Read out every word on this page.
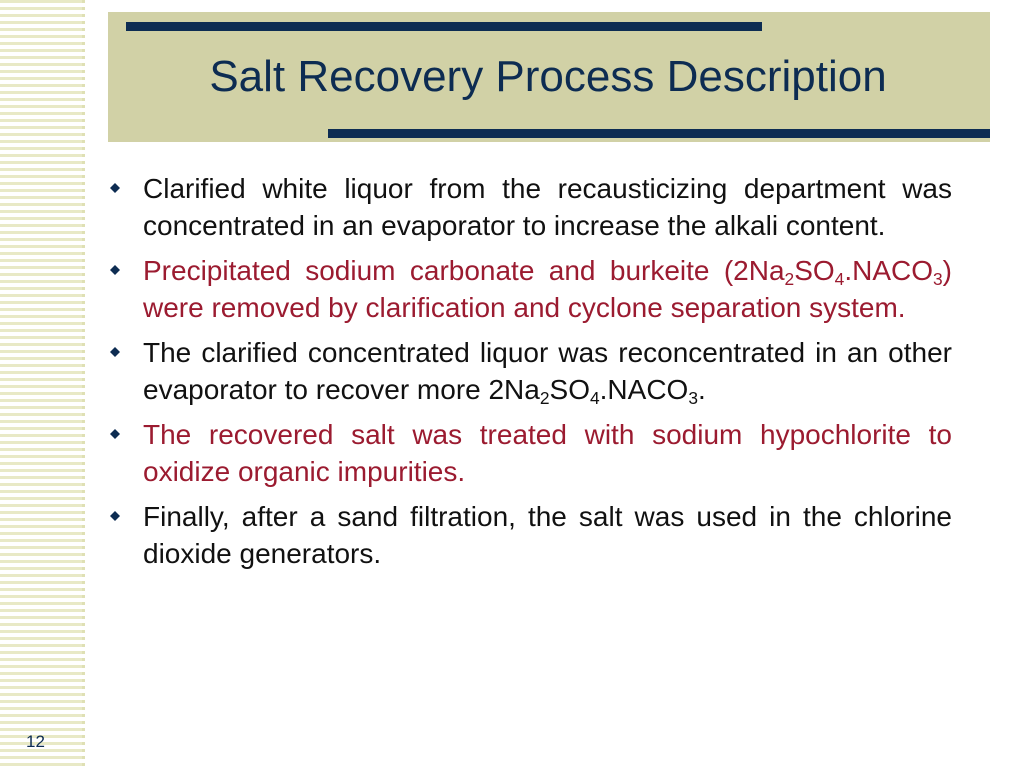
Salt Recovery Process Description
Clarified white liquor from the recausticizing department was concentrated in an evaporator to increase the alkali content.
Precipitated sodium carbonate and burkeite $(2Na_2SO_4.NACO_3)$ were removed by clarification and cyclone separation system.
The clarified concentrated liquor was reconcentrated in an other evaporator to recover more $2Na_2SO_4.NACO_3$.
The recovered salt was treated with sodium hypochlorite to oxidize organic impurities.
Finally, after a sand filtration, the salt was used in the chlorine dioxide generators.
12
